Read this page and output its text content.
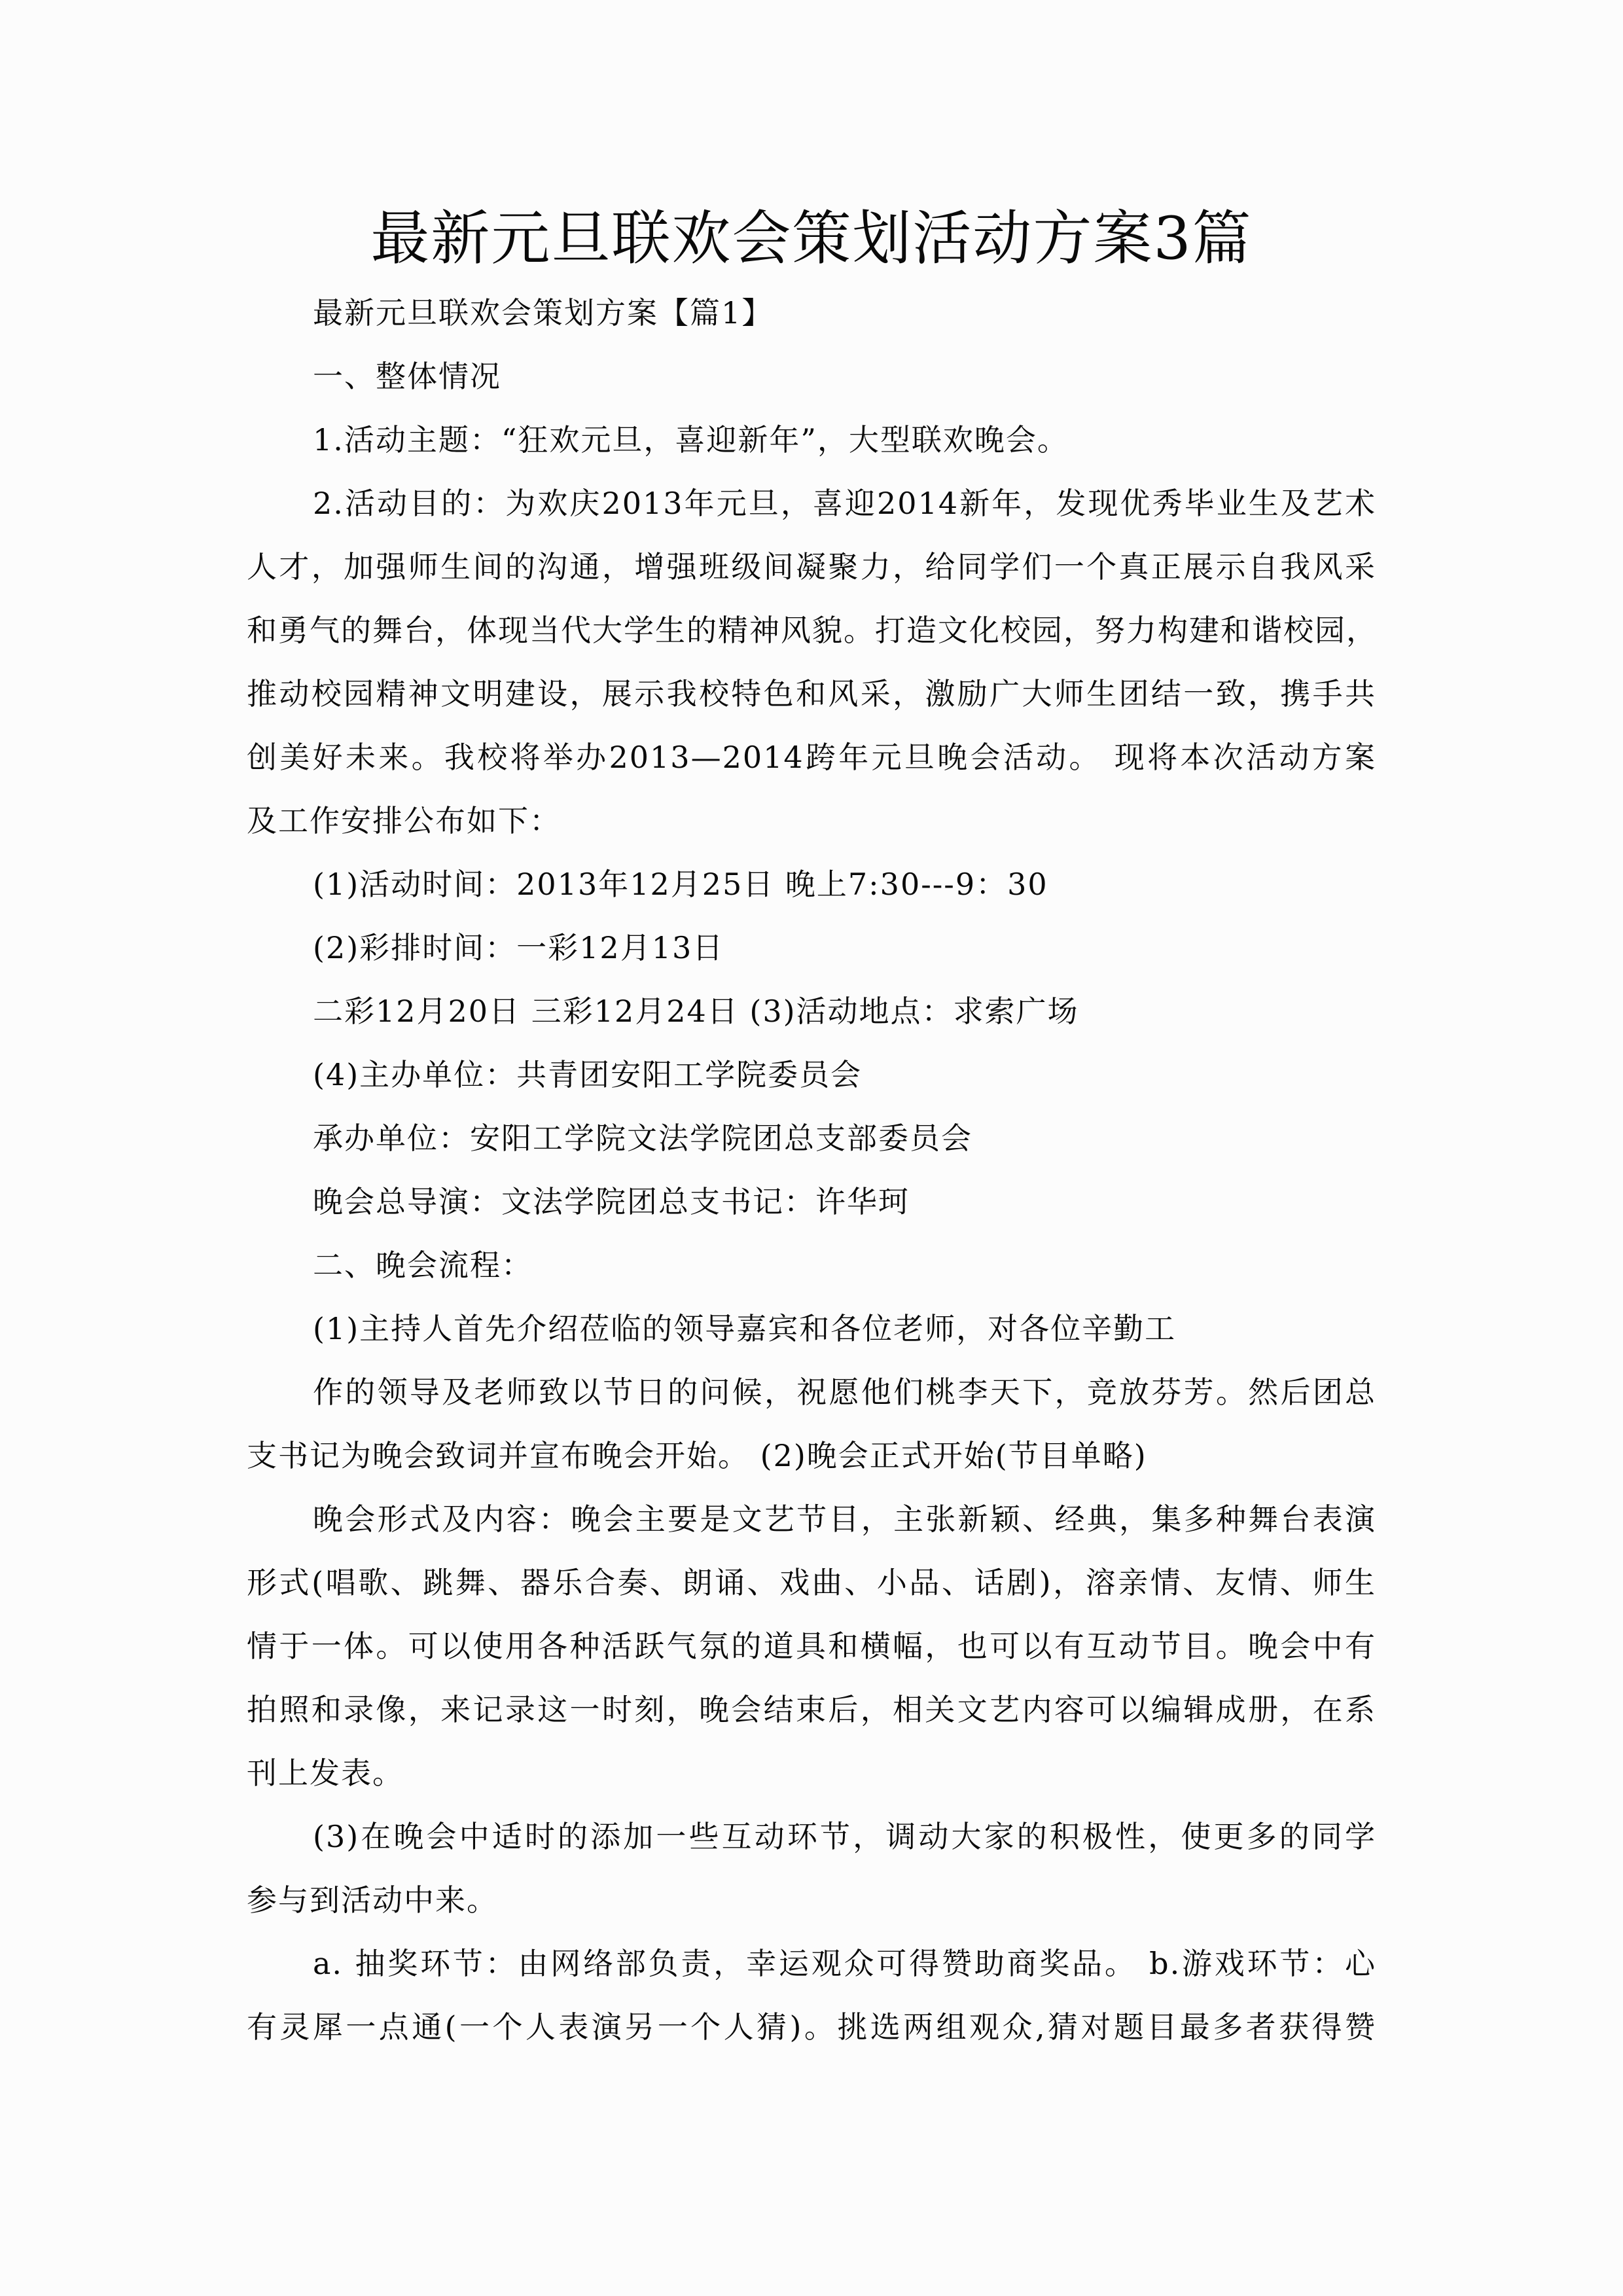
最新元旦联欢会策划活动方案3篇
最新元旦联欢会策划方案【篇1】
一、整体情况
1.活动主题：“狂欢元旦，喜迎新年”，大型联欢晚会。
2.活动目的：为欢庆2013年元旦，喜迎2014新年，发现优秀毕业生及艺术
人才，加强师生间的沟通，增强班级间凝聚力，给同学们一个真正展示自我风采
和勇气的舞台，体现当代大学生的精神风貌。打造文化校园，努力构建和谐校园，
推动校园精神文明建设，展示我校特色和风采，激励广大师生团结一致，携手共
创美好未来。我校将举办2013—2014跨年元旦晚会活动。 现将本次活动方案
及工作安排公布如下：
(1)活动时间：2013年12月25日 晚上7:30---9：30
(2)彩排时间：一彩12月13日
二彩12月20日 三彩12月24日 (3)活动地点：求索广场
(4)主办单位：共青团安阳工学院委员会
承办单位：安阳工学院文法学院团总支部委员会
晚会总导演：文法学院团总支书记：许华珂
二、晚会流程：
(1)主持人首先介绍莅临的领导嘉宾和各位老师，对各位辛勤工
作的领导及老师致以节日的问候，祝愿他们桃李天下，竞放芬芳。然后团总
支书记为晚会致词并宣布晚会开始。 (2)晚会正式开始(节目单略)
晚会形式及内容：晚会主要是文艺节目，主张新颖、经典，集多种舞台表演
形式(唱歌、跳舞、器乐合奏、朗诵、戏曲、小品、话剧)，溶亲情、友情、师生
情于一体。可以使用各种活跃气氛的道具和横幅，也可以有互动节目。晚会中有
拍照和录像，来记录这一时刻，晚会结束后，相关文艺内容可以编辑成册，在系
刊上发表。
(3)在晚会中适时的添加一些互动环节，调动大家的积极性，使更多的同学
参与到活动中来。
a. 抽奖环节：由网络部负责，幸运观众可得赞助商奖品。 b.游戏环节：心
有灵犀一点通(一个人表演另一个人猜)。挑选两组观众,猜对题目最多者获得赞
